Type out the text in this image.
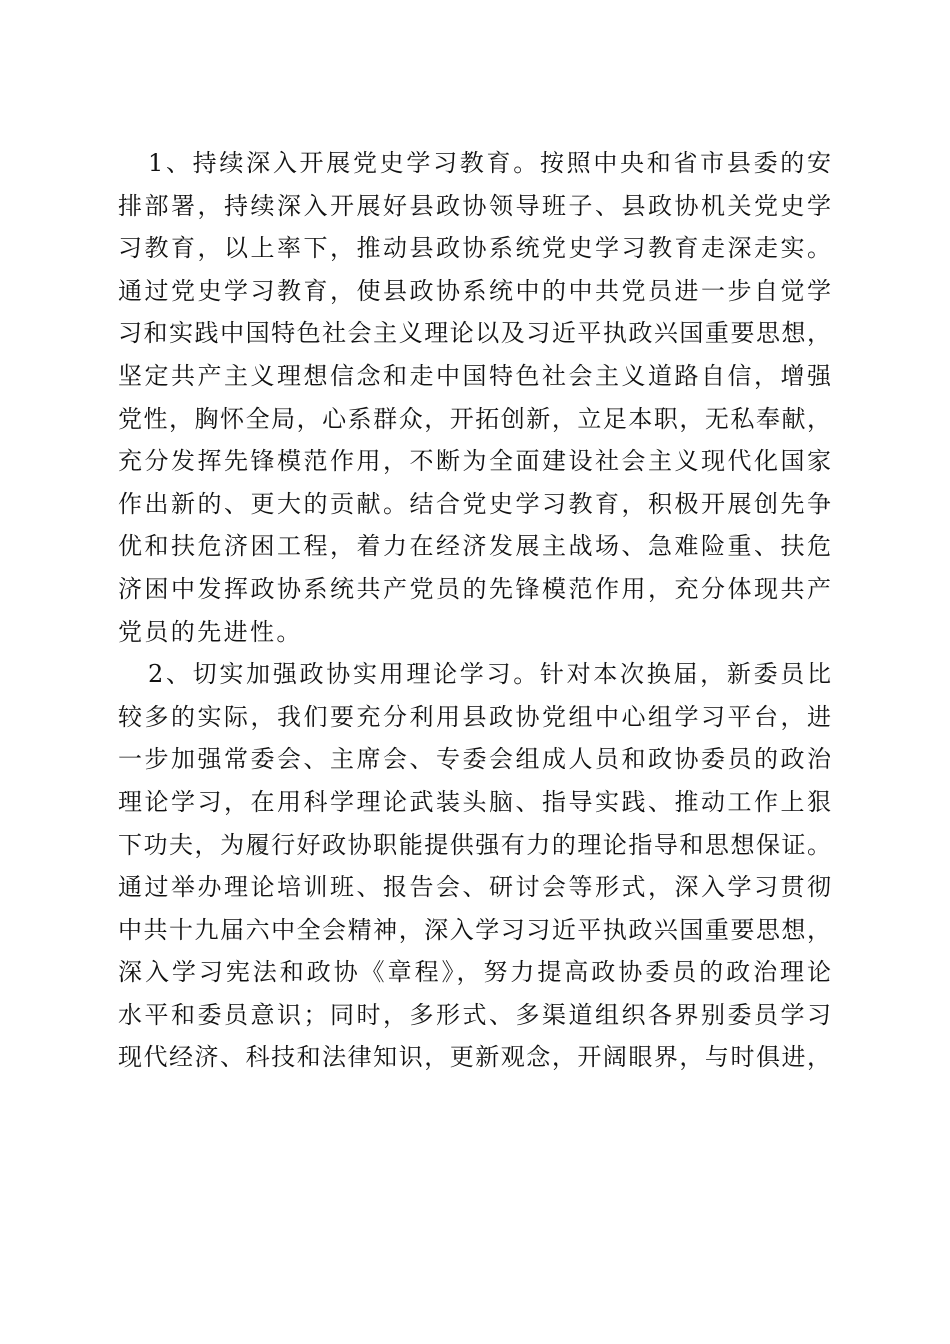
1、持续深入开展党史学习教育。按照中央和省市县委的安
排部署，持续深入开展好县政协领导班子、县政协机关党史学
习教育，以上率下，推动县政协系统党史学习教育走深走实。
通过党史学习教育，使县政协系统中的中共党员进一步自觉学
习和实践中国特色社会主义理论以及习近平执政兴国重要思想，
坚定共产主义理想信念和走中国特色社会主义道路自信，增强
党性，胸怀全局，心系群众，开拓创新，立足本职，无私奉献，
充分发挥先锋模范作用，不断为全面建设社会主义现代化国家
作出新的、更大的贡献。结合党史学习教育，积极开展创先争
优和扶危济困工程，着力在经济发展主战场、急难险重、扶危
济困中发挥政协系统共产党员的先锋模范作用，充分体现共产
党员的先进性。
2、切实加强政协实用理论学习。针对本次换届，新委员比
较多的实际，我们要充分利用县政协党组中心组学习平台，进
一步加强常委会、主席会、专委会组成人员和政协委员的政治
理论学习，在用科学理论武装头脑、指导实践、推动工作上狠
下功夫，为履行好政协职能提供强有力的理论指导和思想保证。
通过举办理论培训班、报告会、研讨会等形式，深入学习贯彻
中共十九届六中全会精神，深入学习习近平执政兴国重要思想，
深入学习宪法和政协《章程》，努力提高政协委员的政治理论
水平和委员意识；同时，多形式、多渠道组织各界别委员学习
现代经济、科技和法律知识，更新观念，开阔眼界，与时俱进，
